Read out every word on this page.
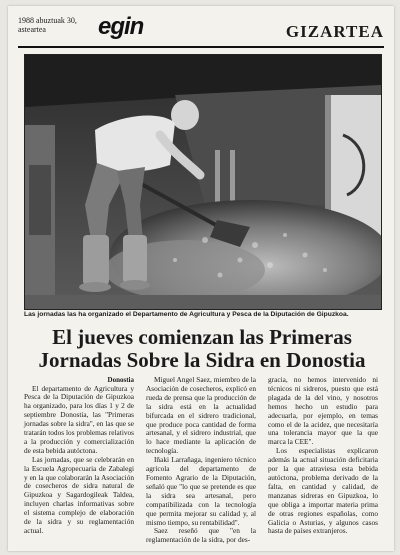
1988 abuztuak 30,
asteartea	egin	GIZARTEA
Las jornadas las ha organizado el Departamento de Agricultura y Pesca de la Diputación de Gipuzkoa.
El jueves comienzan las Primeras
Jornadas Sobre la Sidra en Donostia
Donostia

El departamento de Agricultura y Pesca de la Diputación de Gipuzkoa ha organizado, para los días 1 y 2 de septiembre Donostia, las "Primeras jornadas sobre la sidra", en las que se tratarán todos los problemas relativos a la producción y comercialización de esta bebida autóctona.

Las jornadas, que se celebrarán en la Escuela Agropecuaria de Zabalegi y en la que colaborarán la Asociación de cosecheros de sidra natural de Gipuzkoa y Sagardogileak Taldea, incluyen charlas informativas sobre el sistema complejo de elaboración de la sidra y su reglamentación actual.

Miguel Angel Saez, miembro de la Asociación de cosecheros, explicó en rueda de prensa que la producción de la sidra está en la actualidad bifurcada en el sidrero tradicional, que produce poca cantidad de forma artesanal, y el sidrero industrial, que lo hace mediante la aplicación de tecnología.

Iñaki Larrañaga, ingeniero técnico agrícola del departamento de Fomento Agrario de la Diputación, señaló que "lo que se pretende es que la sidra sea artesanal, pero compatibilizada con la tecnología que permita mejorar su calidad y, al mismo tiempo, su rentabilidad".

Saez reseñó que "en la reglamentación de la sidra, por des-

gracia, no hemos intervenido ni técnicos ni sidreros, puesto que está plagada de la del vino, y nosotros hemos hecho un estudio para adecuarla, por ejemplo, en temas como el de la acidez, que necesitaría una tolerancia mayor que la que marca la CEE".

Los especialistas explicaron además la actual situación deficitaria por la que atraviesa esta bebida autóctona, problema derivado de la falta, en cantidad y calidad, de manzanas sidreras en Gipuzkoa, lo que obliga a importar materia prima de otras regiones españolas, como Galicia o Asturias, y algunos casos hasta de países extranjeros.
